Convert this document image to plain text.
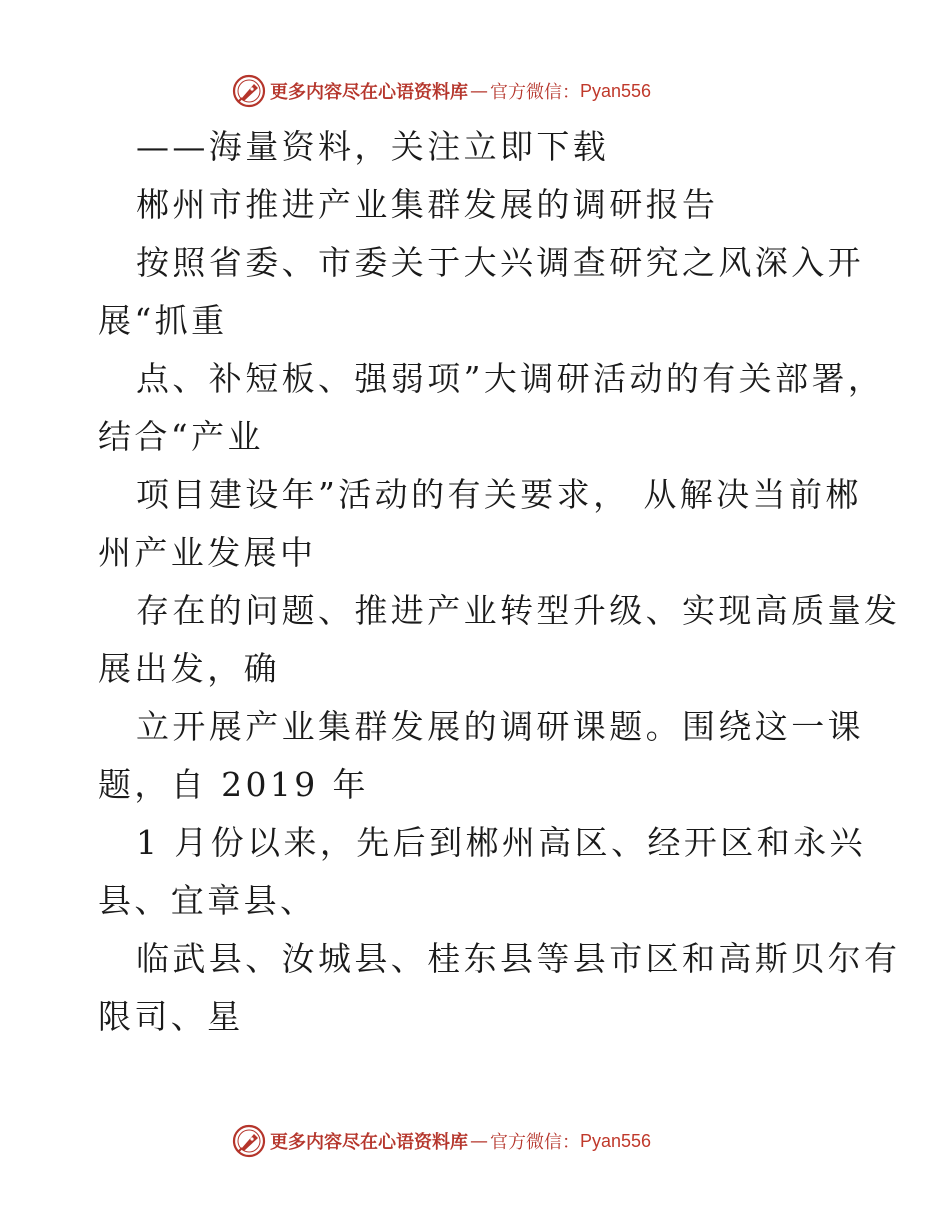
更多内容尽在心语资料库 — 官方微信： Pyan556
——海量资料，关注立即下载
郴州市推进产业集群发展的调研报告
按照省委、市委关于大兴调查研究之风深入开
展“抓重
点、补短板、强弱项”大调研活动的有关部署，
结合“产业
项目建设年”活动的有关要求， 从解决当前郴
州产业发展中
存在的问题、推进产业转型升级、实现高质量发
展出发，确
立开展产业集群发展的调研课题。围绕这一课
题，自 2019 年
1 月份以来，先后到郴州高区、经开区和永兴
县、宜章县、
临武县、汝城县、桂东县等县市区和高斯贝尔有
限司、星
更多内容尽在心语资料库 — 官方微信： Pyan556
